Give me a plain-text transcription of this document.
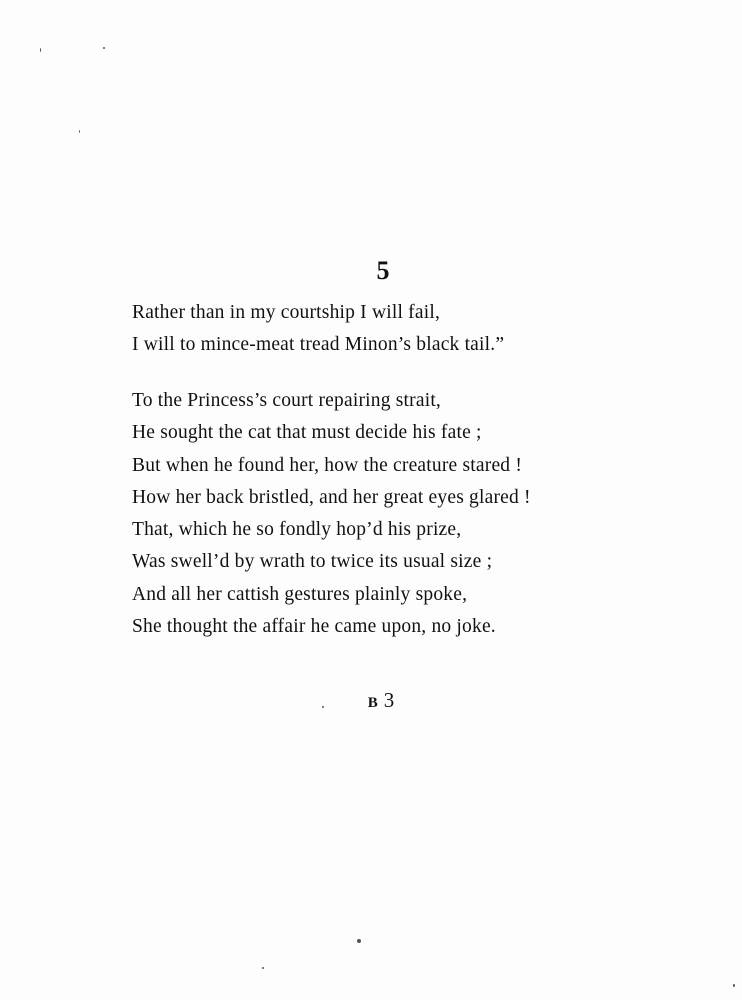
5
Rather than in my courtship I will fail,
I will to mince-meat tread Minon’s black tail.”
To the Princess’s court repairing strait,
He sought the cat that must decide his fate ;
But when he found her, how the creature stared !
How her back bristled, and her great eyes glared !
That, which he so fondly hop’d his prize,
Was swell’d by wrath to twice its usual size ;
And all her cattish gestures plainly spoke,
She thought the affair he came upon, no joke.
B 3
